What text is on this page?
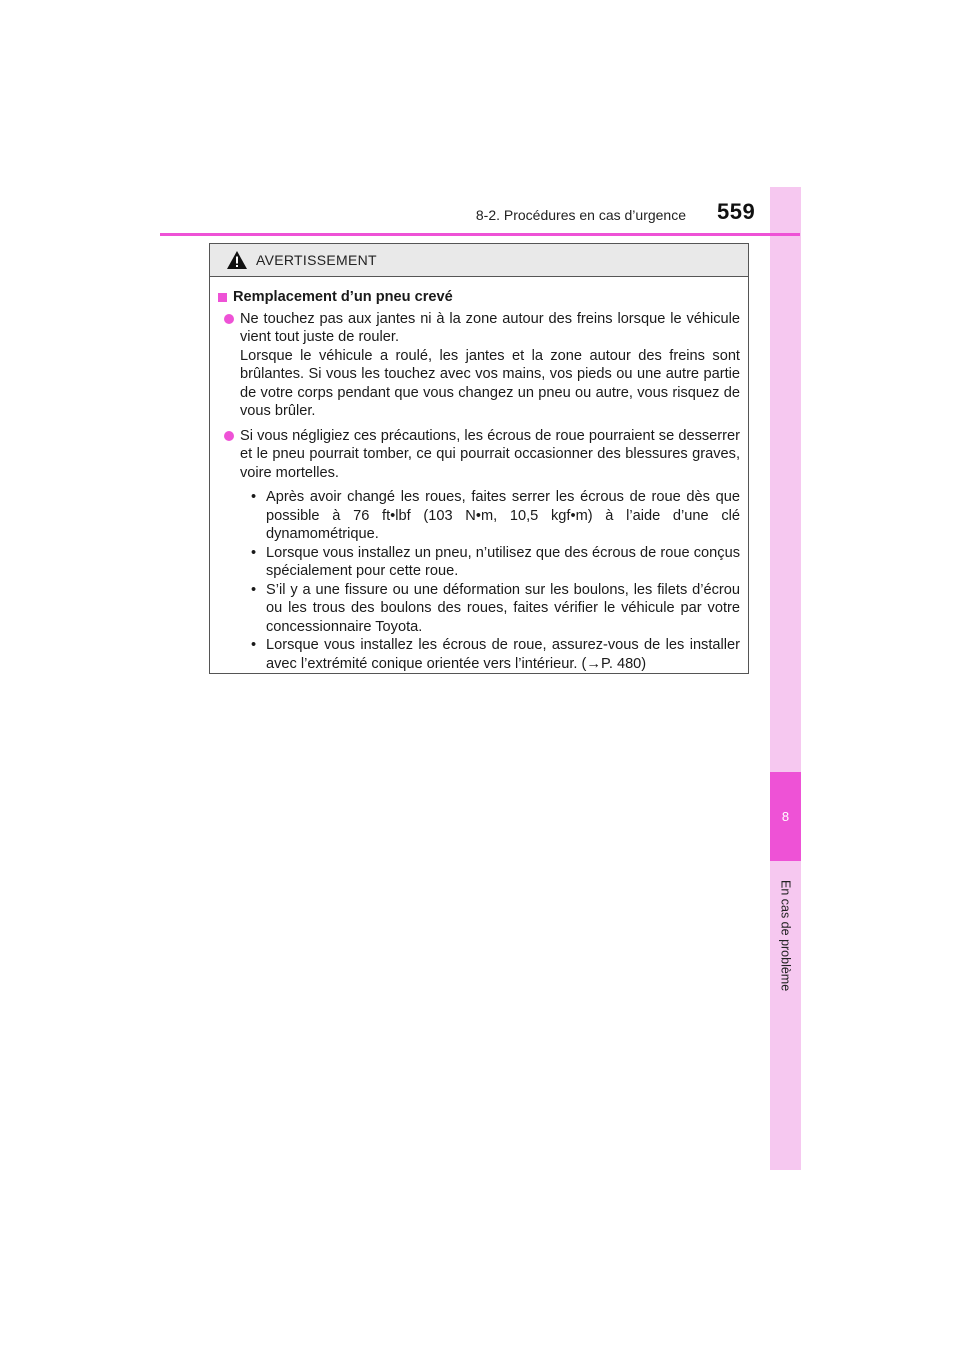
8
En cas de problème
8-2. Procédures en cas d’urgence 559
AVERTISSEMENT
Remplacement d’un pneu crevé

Ne touchez pas aux jantes ni à la zone autour des freins lorsque le véhicule vient tout juste de rouler.

Lorsque le véhicule a roulé, les jantes et la zone autour des freins sont brûlantes. Si vous les touchez avec vos mains, vos pieds ou une autre partie de votre corps pendant que vous changez un pneu ou autre, vous risquez de vous brûler.

Si vous négligiez ces précautions, les écrous de roue pourraient se desserrer et le pneu pourrait tomber, ce qui pourrait occasionner des blessures graves, voire mortelles.

• Après avoir changé les roues, faites serrer les écrous de roue dès que possible à 76 ft•lbf (103 N•m, 10,5 kgf•m) à l’aide d’une clé dynamométrique.
• Lorsque vous installez un pneu, n’utilisez que des écrous de roue conçus spécialement pour cette roue.
• S’il y a une fissure ou une déformation sur les boulons, les filets d’écrou ou les trous des boulons des roues, faites vérifier le véhicule par votre concessionnaire Toyota.
• Lorsque vous installez les écrous de roue, assurez-vous de les installer avec l’extrémité conique orientée vers l’intérieur. (→P. 480)
